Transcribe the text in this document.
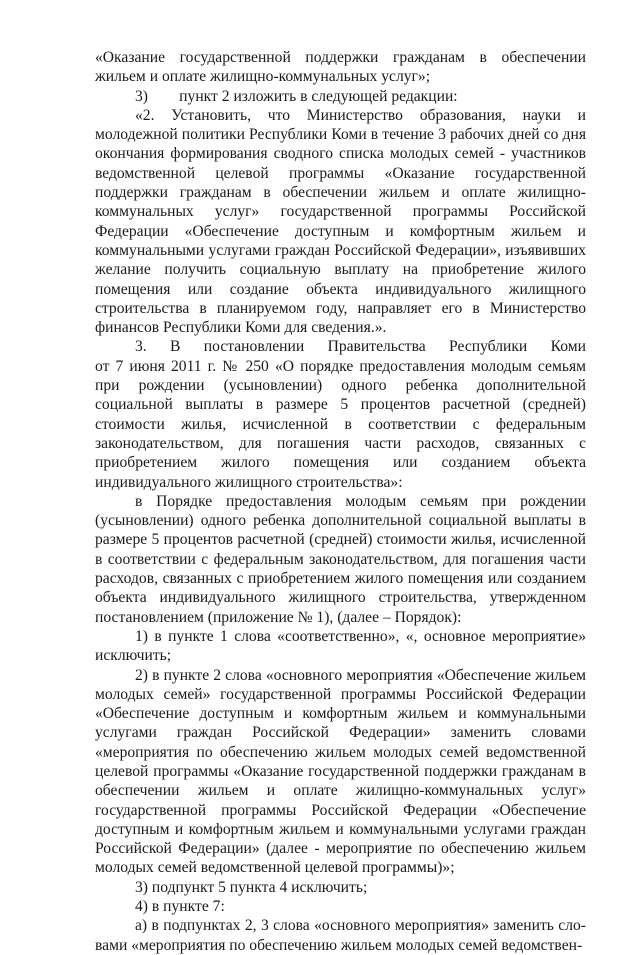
«Оказание государственной поддержки гражданам в обеспечении жильем и оплате жилищно-коммунальных услуг»;

3)  пункт 2 изложить в следующей редакции:

«2. Установить, что Министерство образования, науки и молодежной политики Республики Коми в течение 3 рабочих дней со дня окончания формирования сводного списка молодых семей - участников ведомственной целевой программы «Оказание государственной поддержки гражданам в обеспечении жильем и оплате жилищно-коммунальных услуг» государственной программы Российской Федерации «Обеспечение доступным и комфортным жильем и коммунальными услугами граждан Российской Федерации», изъявивших желание получить социальную выплату на приобретение жилого помещения или создание объекта индивидуального жилищного строительства в планируемом году, направляет его в Министерство финансов Республики Коми для сведения.».

3. В постановлении Правительства Республики Коми

от 7 июня 2011 г. № 250 «О порядке предоставления молодым семьям при рождении (усыновлении) одного ребенка дополнительной социальной выплаты в размере 5 процентов расчетной (средней) стоимости жилья, исчисленной в соответствии с федеральным законодательством, для погашения части расходов, связанных с приобретением жилого помещения или созданием объекта индивидуального жилищного строительства»:

в Порядке предоставления молодым семьям при рождении (усыновлении) одного ребенка дополнительной социальной выплаты в размере 5 процентов расчетной (средней) стоимости жилья, исчисленной в соответствии с федеральным законодательством, для погашения части расходов, связанных с приобретением жилого помещения или созданием объекта индивидуального жилищного строительства, утвержденном постановлением (приложение № 1), (далее – Порядок):

1) в пункте 1 слова «соответственно», «, основное мероприятие» исключить;

2) в пункте 2 слова «основного мероприятия «Обеспечение жильем молодых семей» государственной программы Российской Федерации «Обеспечение доступным и комфортным жильем и коммунальными услугами граждан Российской Федерации» заменить словами «мероприятия по обеспечению жильем молодых семей ведомственной целевой программы «Оказание государственной поддержки гражданам в обеспечении жильем и оплате жилищно-коммунальных услуг» государственной программы Российской Федерации «Обеспечение доступным и комфортным жильем и коммунальными услугами граждан Российской Федерации» (далее - мероприятие по обеспечению жильем молодых семей ведомственной целевой программы)»;

3) подпункт 5 пункта 4 исключить;

4) в пункте 7:

а) в подпунктах 2, 3 слова «основного мероприятия» заменить словами «мероприятия по обеспечению жильем молодых семей ведомствен-
